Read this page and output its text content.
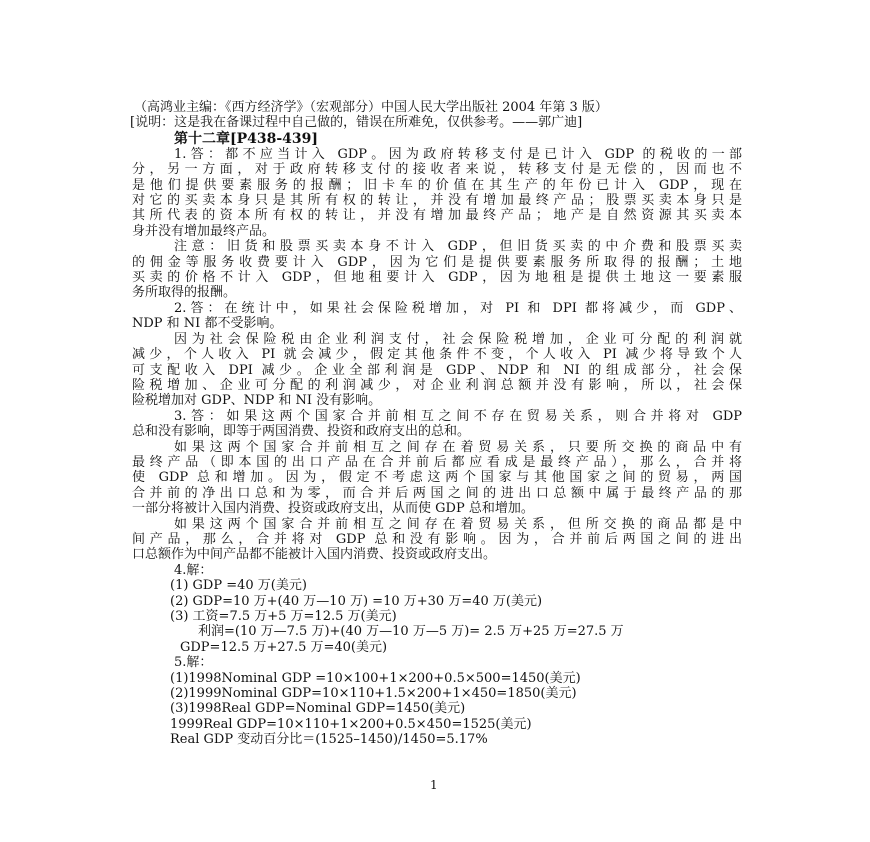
（高鸿业主编：《西方经济学》（宏观部分）中国人民大学出版社 2004 年第 3 版）

[说明：这是我在备课过程中自己做的，错误在所难免，仅供参考。——郭广迪]

第十二章[P438-439]

1.答：都不应当计入 GDP。因为政府转移支付是已计入 GDP 的税收的一部

分，另一方面，对于政府转移支付的接收者来说，转移支付是无偿的，因而也不

是他们提供要素服务的报酬；旧卡车的价值在其生产的年份已计入 GDP，现在

对它的买卖本身只是其所有权的转让，并没有增加最终产品；股票买卖本身只是

其所代表的资本所有权的转让，并没有增加最终产品；地产是自然资源其买卖本

身并没有增加最终产品。

注意：旧货和股票买卖本身不计入 GDP，但旧货买卖的中介费和股票买卖

的佣金等服务收费要计入 GDP，因为它们是提供要素服务所取得的报酬；土地

买卖的价格不计入 GDP，但地租要计入 GDP，因为地租是提供土地这一要素服

务所取得的报酬。

2.答：在统计中，如果社会保险税增加，对 PI 和 DPI 都将减少，而 GDP、

NDP 和 NI 都不受影响。

因为社会保险税由企业利润支付，社会保险税增加，企业可分配的利润就

减少，个人收入 PI 就会减少，假定其他条件不变，个人收入 PI 减少将导致个人

可支配收入 DPI 减少。企业全部利润是 GDP、NDP 和 NI 的组成部分，社会保

险税增加、企业可分配的利润减少，对企业利润总额并没有影响，所以，社会保

险税增加对 GDP、NDP 和 NI 没有影响。

3.答：如果这两个国家合并前相互之间不存在贸易关系，则合并将对 GDP

总和没有影响，即等于两国消费、投资和政府支出的总和。

如果这两个国家合并前相互之间存在着贸易关系，只要所交换的商品中有

最终产品（即本国的出口产品在合并前后都应看成是最终产品），那么，合并将

使 GDP 总和增加。因为，假定不考虑这两个国家与其他国家之间的贸易，两国

合并前的净出口总和为零，而合并后两国之间的进出口总额中属于最终产品的那

一部分将被计入国内消费、投资或政府支出，从而使 GDP 总和增加。

如果这两个国家合并前相互之间存在着贸易关系，但所交换的商品都是中

间产品，那么，合并将对 GDP 总和没有影响。因为，合并前后两国之间的进出

口总额作为中间产品都不能被计入国内消费、投资或政府支出。

4.解：

(1) GDP =40 万(美元)

(2) GDP=10 万+(40 万—10 万) =10 万+30 万=40 万(美元)

(3) 工资=7.5 万+5 万=12.5 万(美元)

利润=(10 万—7.5 万)+(40 万—10 万—5 万)= 2.5 万+25 万=27.5 万

GDP=12.5 万+27.5 万=40(美元)

5.解：

(1)1998Nominal GDP =10×100+1×200+0.5×500=1450(美元)

(2)1999Nominal GDP=10×110+1.5×200+1×450=1850(美元)

(3)1998Real GDP=Nominal GDP=1450(美元)

1999Real GDP=10×110+1×200+0.5×450=1525(美元)

Real GDP 变动百分比＝(1525–1450)/1450=5.17%

1
